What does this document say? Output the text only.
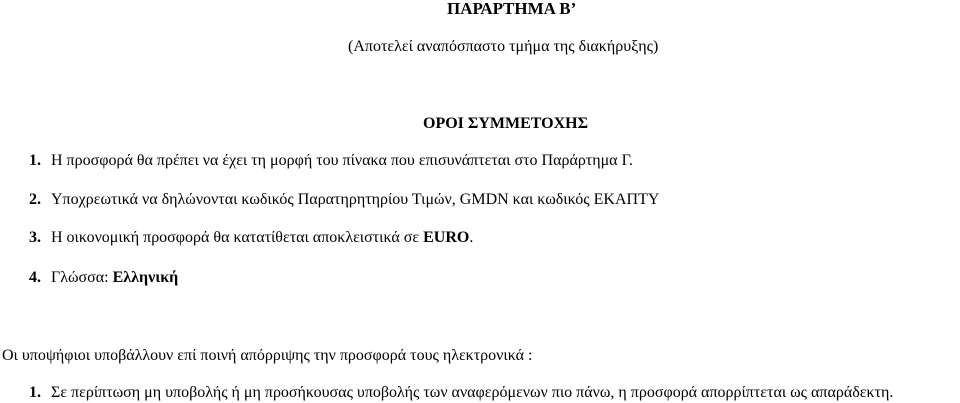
ΠΑΡΑΡΤΗΜΑ Β’
(Αποτελεί αναπόσπαστο τμήμα της διακήρυξης)
ΟΡΟΙ ΣΥΜΜΕΤΟΧΗΣ
1. Η προσφορά θα πρέπει να έχει τη μορφή του πίνακα που επισυνάπτεται στο Παράρτημα Γ.
2. Υποχρεωτικά να δηλώνονται κωδικός Παρατηρητηρίου Τιμών, GMDN και κωδικός ΕΚΑΠΤΥ
3. Η οικονομική προσφορά θα κατατίθεται αποκλειστικά σε EURO.
4. Γλώσσα: Ελληνική
Οι υποψήφιοι υποβάλλουν επί ποινή απόρριψης την προσφορά τους ηλεκτρονικά :
1. Σε περίπτωση μη υποβολής ή μη προσήκουσας υποβολής των αναφερόμενων πιο πάνω, η προσφορά απορρίπτεται ως απαράδεκτη.
